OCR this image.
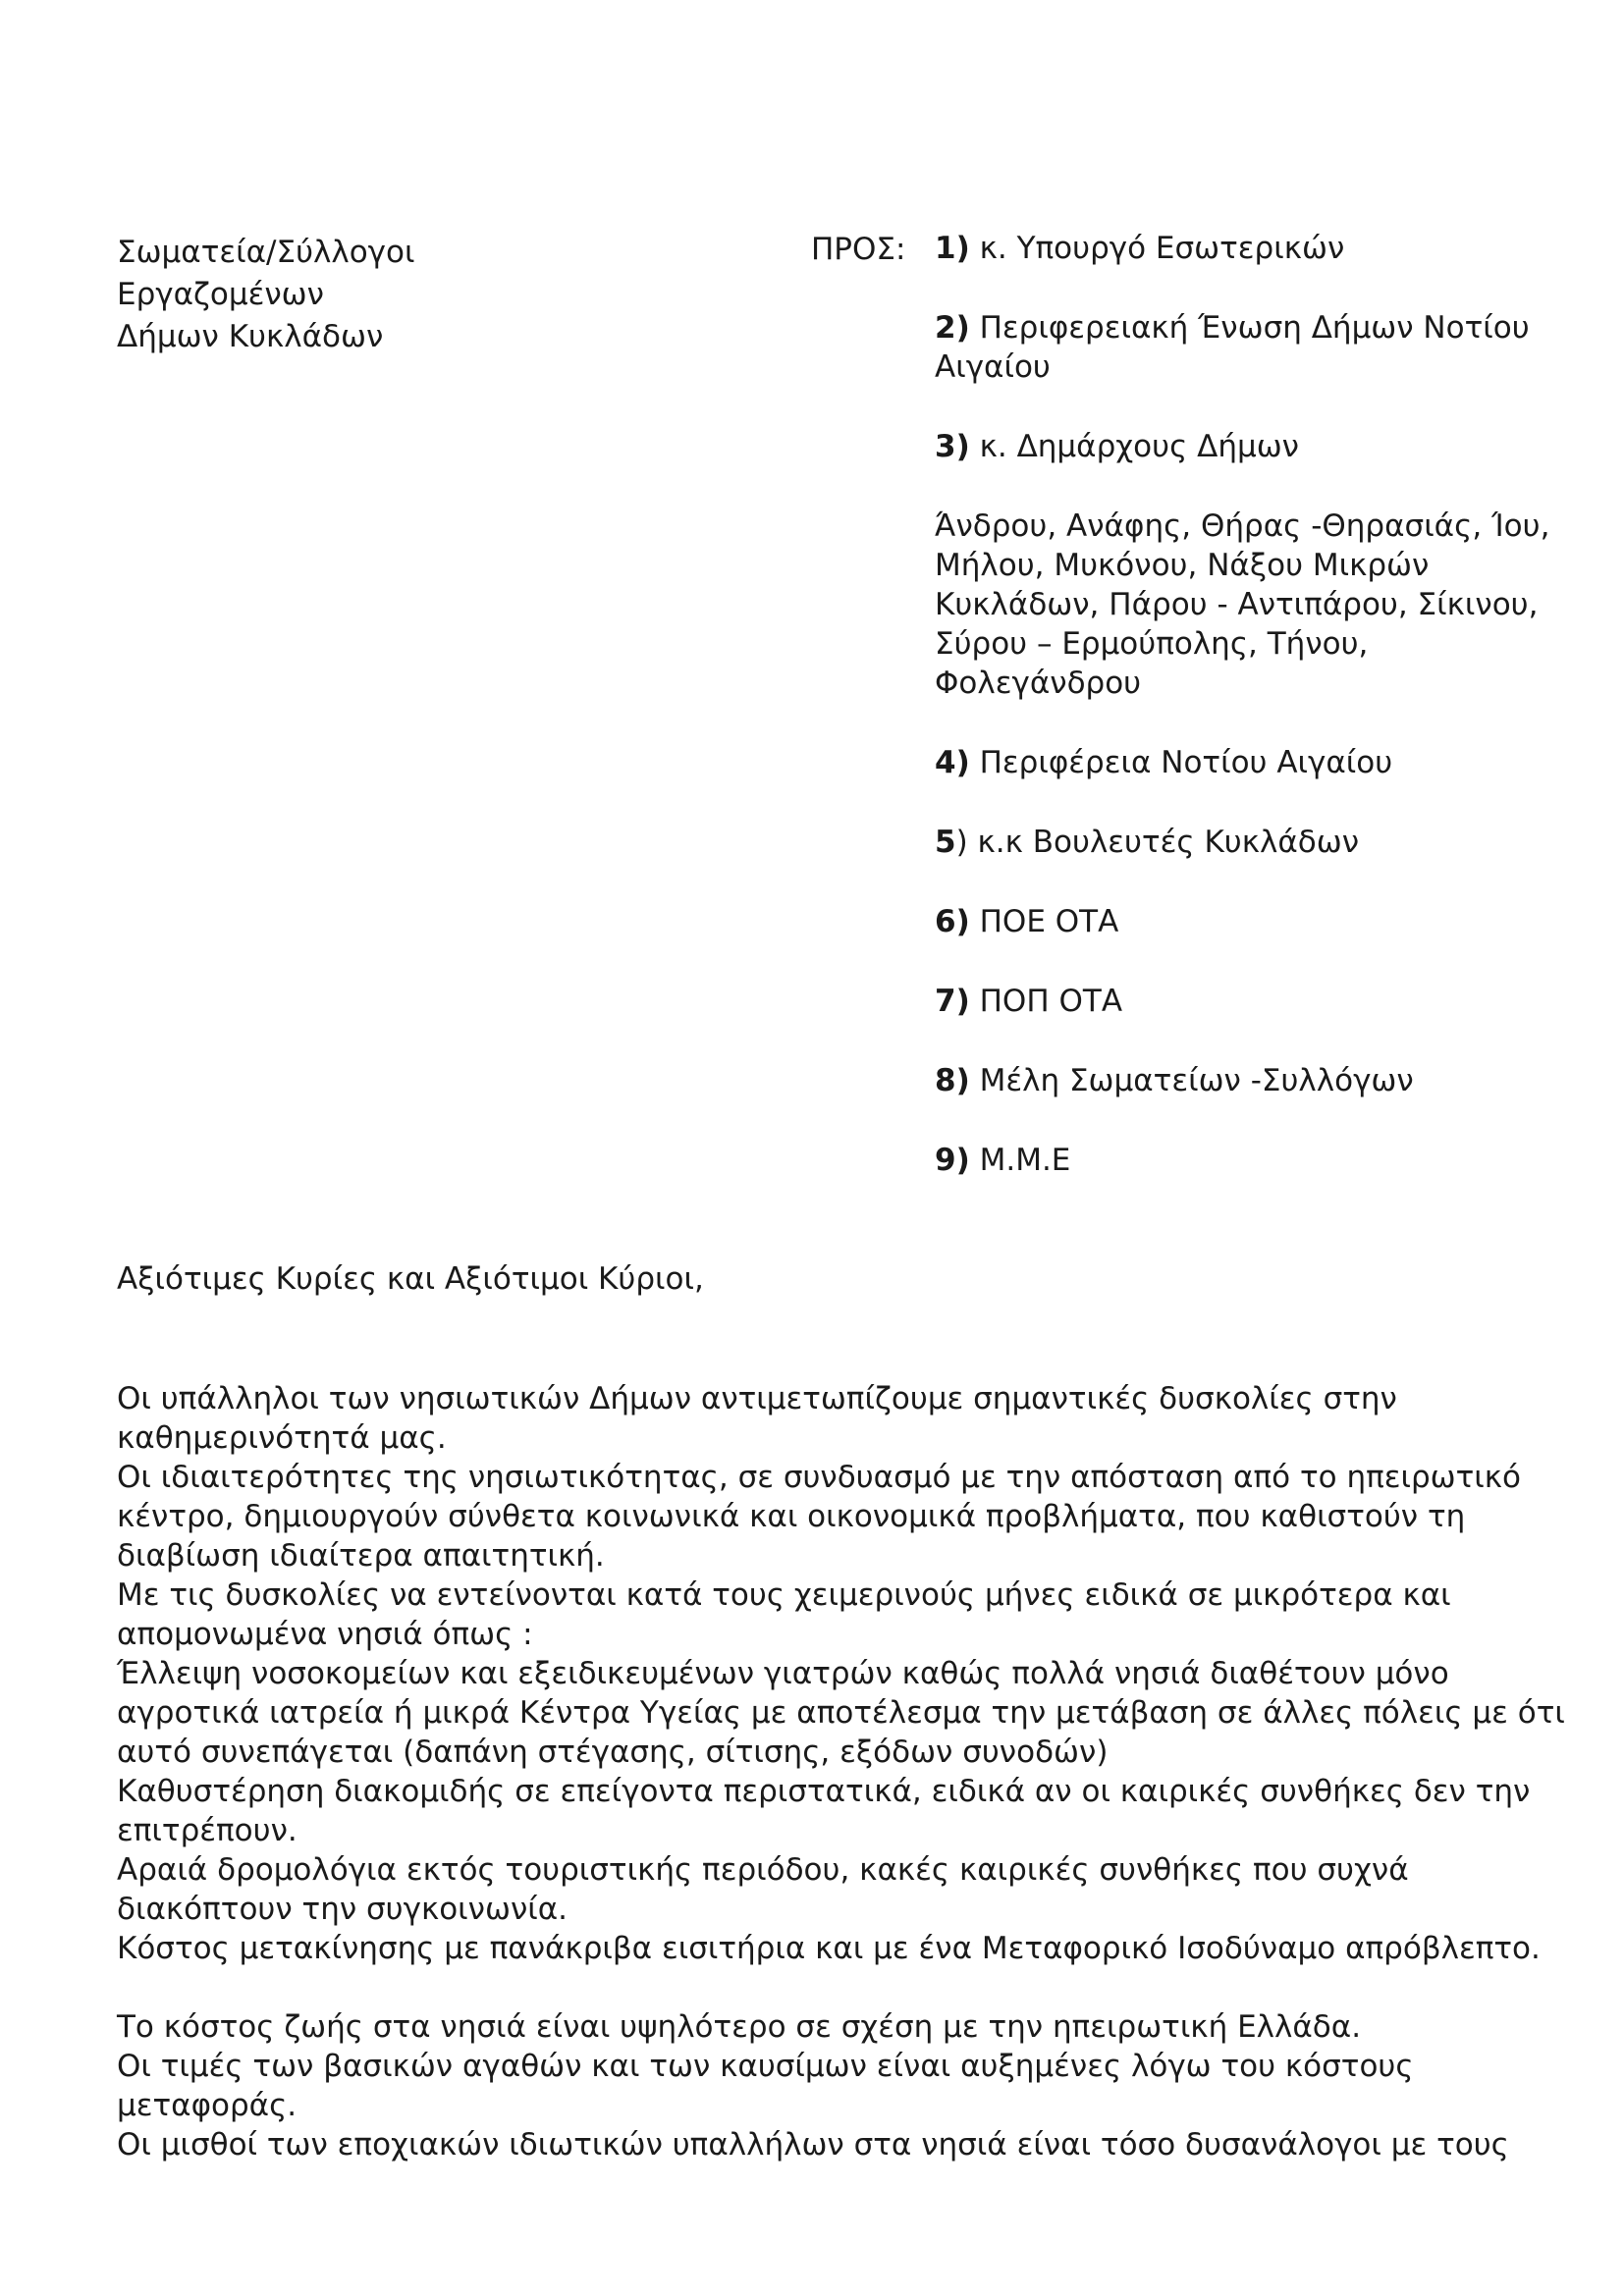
Σωματεία/Σύλλογοι
Εργαζομένων
Δήμων Κυκλάδων
ΠΡΟΣ: 1) κ. Υπουργό Εσωτερικών
2) Περιφερειακή Ένωση Δήμων Νοτίου Αιγαίου
3) κ. Δημάρχους Δήμων
Άνδρου, Ανάφης, Θήρας -Θηρασιάς, Ίου, Μήλου, Μυκόνου, Νάξου Μικρών Κυκλάδων, Πάρου - Αντιπάρου, Σίκινου, Σύρου – Ερμούπολης, Τήνου, Φολεγάνδρου
4) Περιφέρεια Νοτίου Αιγαίου
5) κ.κ Βουλευτές Κυκλάδων
6) ΠΟΕ ΟΤΑ
7) ΠΟΠ ΟΤΑ
8) Μέλη Σωματείων -Συλλόγων
9) Μ.Μ.Ε
Αξιότιμες Κυρίες και Αξιότιμοι Κύριοι,

Οι υπάλληλοι των νησιωτικών Δήμων αντιμετωπίζουμε σημαντικές δυσκολίες στην καθημερινότητά μας.

Οι ιδιαιτερότητες της νησιωτικότητας, σε συνδυασμό με την απόσταση από το ηπειρωτικό κέντρο, δημιουργούν σύνθετα κοινωνικά και οικονομικά προβλήματα, που καθιστούν τη διαβίωση ιδιαίτερα απαιτητική.

Με τις δυσκολίες να εντείνονται κατά τους χειμερινούς μήνες ειδικά σε μικρότερα και απομονωμένα νησιά όπως :

Έλλειψη νοσοκομείων και εξειδικευμένων γιατρών καθώς πολλά νησιά διαθέτουν μόνο αγροτικά ιατρεία ή μικρά Κέντρα Υγείας με αποτέλεσμα την μετάβαση σε άλλες πόλεις με ότι αυτό συνεπάγεται (δαπάνη στέγασης, σίτισης, εξόδων συνοδών)

Καθυστέρηση διακομιδής σε επείγοντα περιστατικά, ειδικά αν οι καιρικές συνθήκες δεν την επιτρέπουν.

Αραιά δρομολόγια εκτός τουριστικής περιόδου, κακές καιρικές συνθήκες που συχνά διακόπτουν την συγκοινωνία.

Κόστος μετακίνησης με πανάκριβα εισιτήρια και με ένα Μεταφορικό Ισοδύναμο απρόβλεπτο.

Το κόστος ζωής στα νησιά είναι υψηλότερο σε σχέση με την ηπειρωτική Ελλάδα.

Οι τιμές των βασικών αγαθών και των καυσίμων είναι αυξημένες λόγω του κόστους μεταφοράς.

Οι μισθοί των εποχιακών ιδιωτικών υπαλλήλων στα νησιά είναι τόσο δυσανάλογοι με τους
